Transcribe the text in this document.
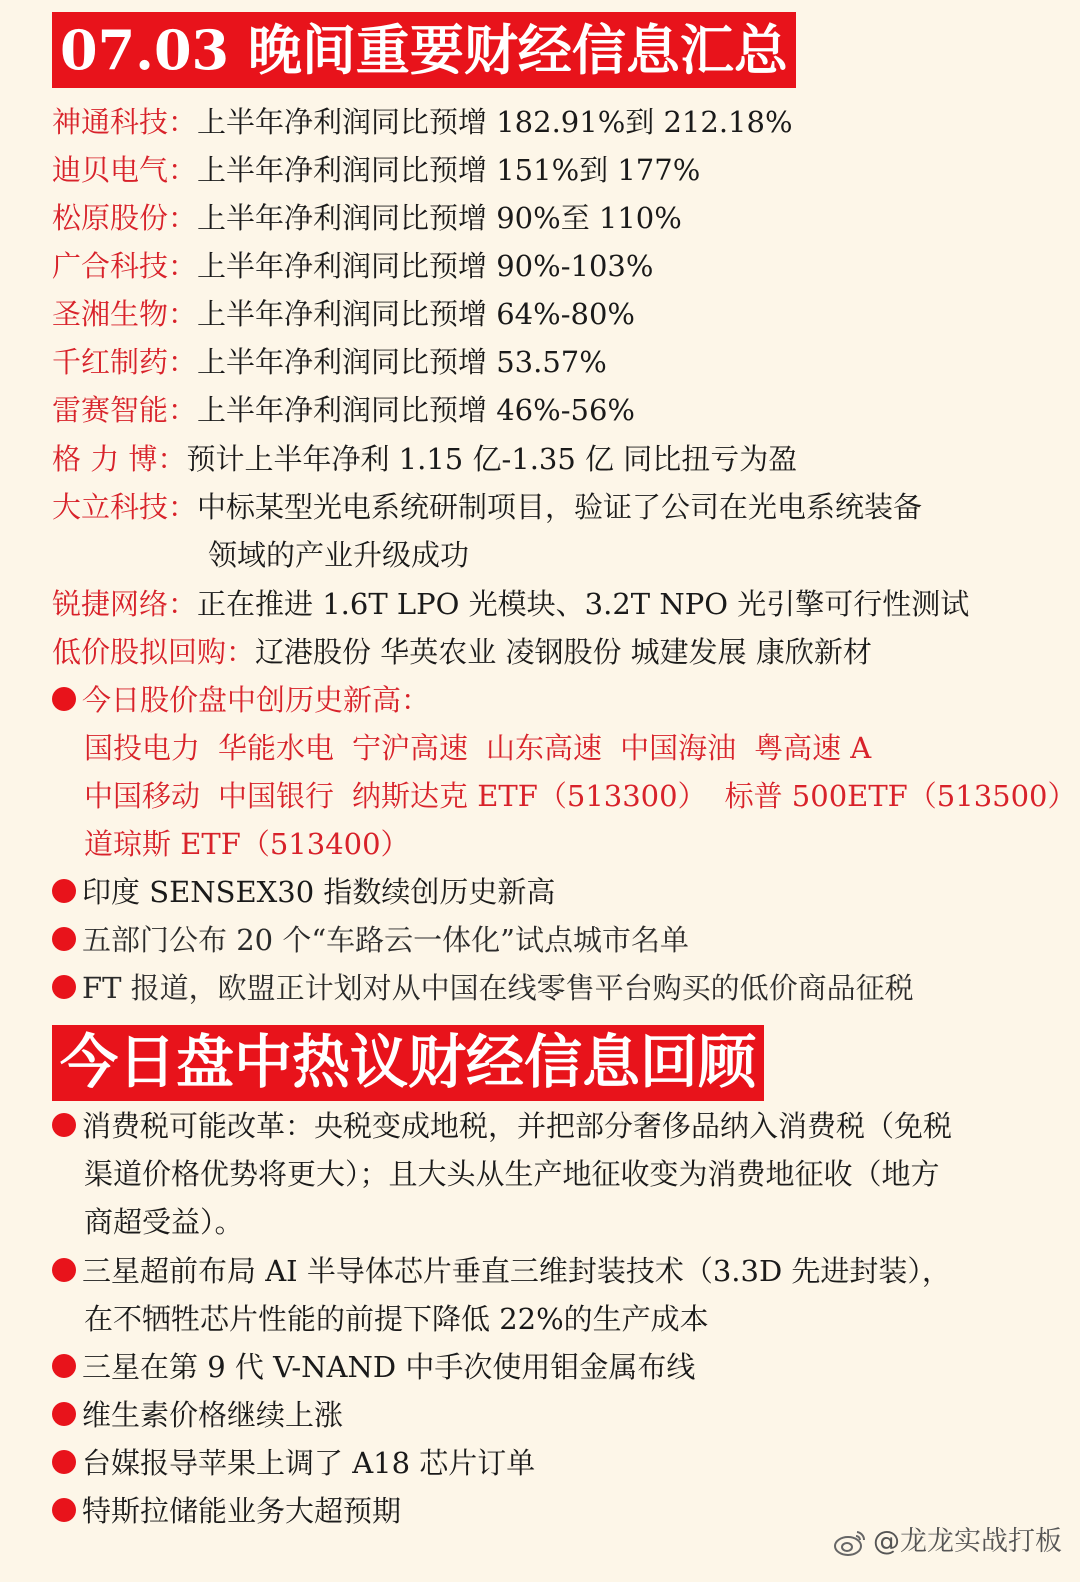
07.03 晚间重要财经信息汇总
神通科技：上半年净利润同比预增 182.91%到 212.18%
迪贝电气：上半年净利润同比预增 151%到 177%
松原股份：上半年净利润同比预增 90%至 110%
广合科技：上半年净利润同比预增 90%-103%
圣湘生物：上半年净利润同比预增 64%-80%
千红制药：上半年净利润同比预增 53.57%
雷赛智能：上半年净利润同比预增 46%-56%
格 力 博：预计上半年净利 1.15 亿-1.35 亿 同比扭亏为盈
大立科技：中标某型光电系统研制项目，验证了公司在光电系统装备
领域的产业升级成功
锐捷网络：正在推进 1.6T LPO 光模块、3.2T NPO 光引擎可行性测试
低价股拟回购：辽港股份 华英农业 凌钢股份 城建发展 康欣新材
今日股价盘中创历史新高：
国投电力 华能水电 宁沪高速 山东高速 中国海油 粤高速 A
中国移动 中国银行 纳斯达克 ETF（513300） 标普 500ETF（513500）
道琼斯 ETF（513400）
印度 SENSEX30 指数续创历史新高
五部门公布 20 个“车路云一体化”试点城市名单
FT 报道，欧盟正计划对从中国在线零售平台购买的低价商品征税
今日盘中热议财经信息回顾
消费税可能改革：央税变成地税，并把部分奢侈品纳入消费税（免税
渠道价格优势将更大）；且大头从生产地征收变为消费地征收（地方
商超受益）。
三星超前布局 AI 半导体芯片垂直三维封装技术（3.3D 先进封装），
在不牺牲芯片性能的前提下降低 22%的生产成本
三星在第 9 代 V-NAND 中手次使用钼金属布线
维生素价格继续上涨
台媒报导苹果上调了 A18 芯片订单
特斯拉储能业务大超预期
@龙龙实战打板
